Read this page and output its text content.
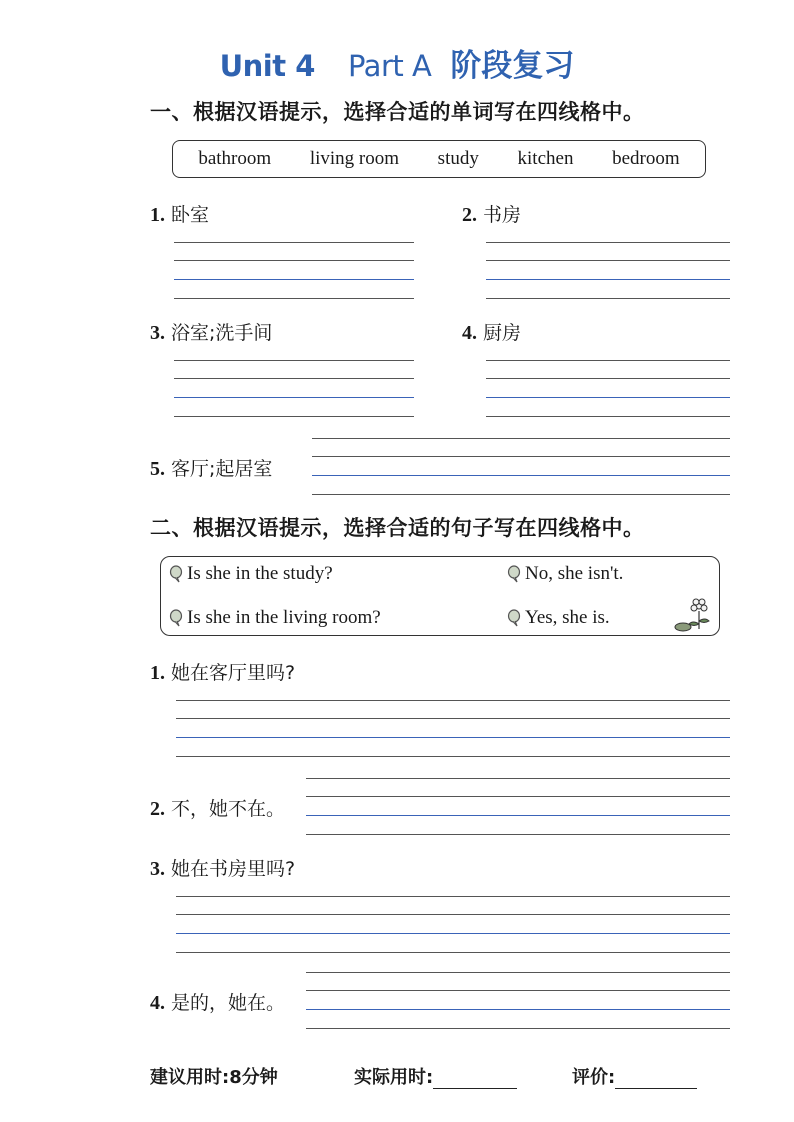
Unit 4 Part A 阶段复习
一、根据汉语提示，选择合适的单词写在四线格中。
bathroom living room study kitchen bedroom
1. 卧室	2. 书房
3. 浴室;洗手间	4. 厨房
5. 客厅;起居室
二、根据汉语提示，选择合适的句子写在四线格中。
Is she in the study?	No, she isn't.
Is she in the living room?	Yes, she is.
1. 她在客厅里吗?
2. 不，她不在。
3. 她在书房里吗?
4. 是的，她在。
建议用时:8分钟	实际用时:	评价:
